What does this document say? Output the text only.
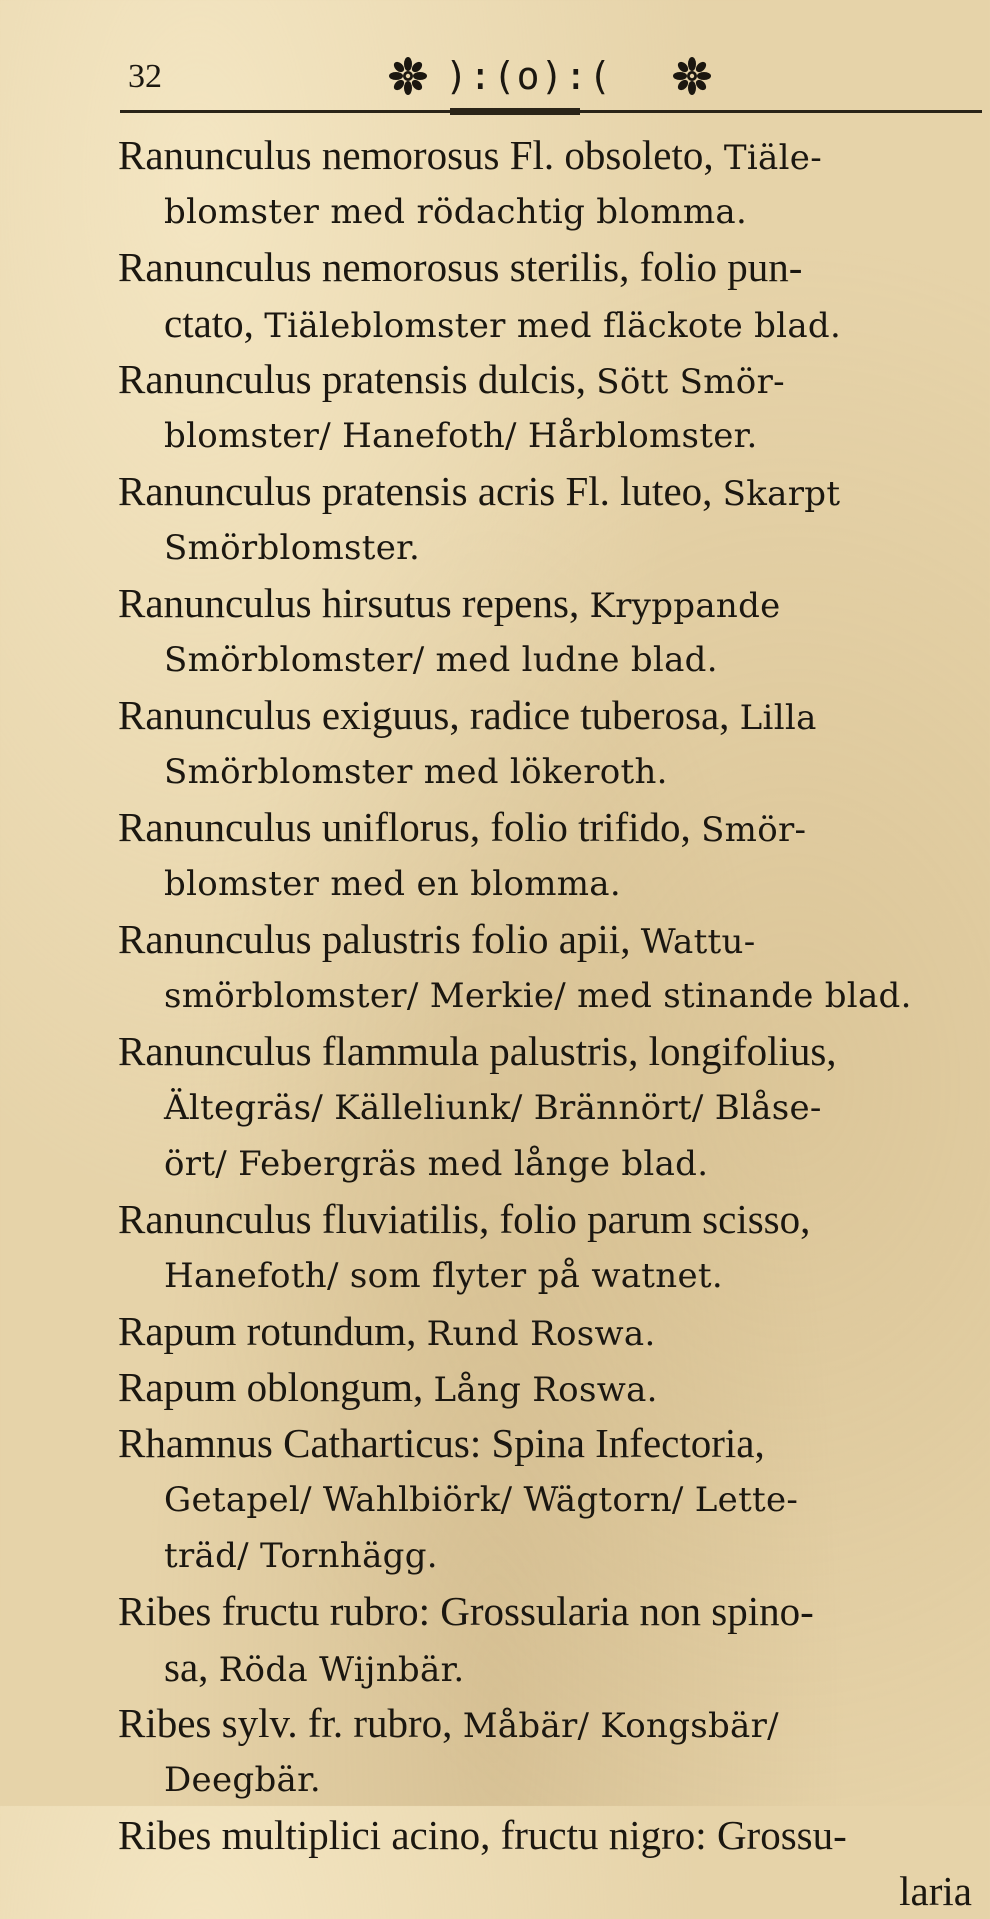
32	):(o):(
Ranunculus nemorosus Fl. obsoleto, Tiäle-
blomster med rödachtig blomma.
Ranunculus nemorosus sterilis, folio pun-
ctato, Tiäleblomster med fläckote blad.
Ranunculus pratensis dulcis, Sött Smör-
blomster/ Hanefoth/ Hårblomster.
Ranunculus pratensis acris Fl. luteo, Skarpt
Smörblomster.
Ranunculus hirsutus repens, Kryppande
Smörblomster/ med ludne blad.
Ranunculus exiguus, radice tuberosa, Lilla
Smörblomster med lökeroth.
Ranunculus uniflorus, folio trifido, Smör-
blomster med en blomma.
Ranunculus palustris folio apii, Wattu-
smörblomster/ Merkie/ med stinande blad.
Ranunculus flammula palustris, longifolius,
Ältegräs/ Källeliunk/ Brännört/ Blåse-
ört/ Febergräs med långe blad.
Ranunculus fluviatilis, folio parum scisso,
Hanefoth/ som flyter på watnet.
Rapum rotundum, Rund Roswa.
Rapum oblongum, Lång Roswa.
Rhamnus Catharticus: Spina Infectoria,
Getapel/ Wahlbiörk/ Wägtorn/ Lette-
träd/ Tornhägg.
Ribes fructu rubro: Grossularia non spino-
sa, Röda Wijnbär.
Ribes sylv. fr. rubro, Måbär/ Kongsbär/
Deegbär.
Ribes multiplici acino, fructu nigro: Grossu-
laria
